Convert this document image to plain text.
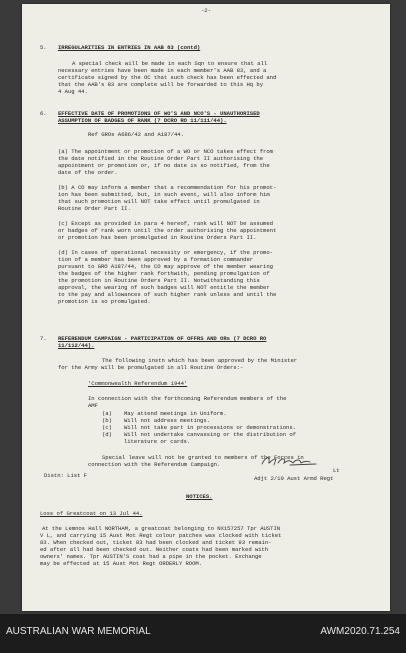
-2-
5. IRREGULARITIES IN ENTRIES IN AAB 83 (contd)
A special check will be made in each Sqn to ensure that all
necessary entries have been made in each member's AAB 83, and a
certificate signed by the OC that such check has been effected and
that the AAB's 83 are complete will be forwarded to this Hq by
4 Aug 44.
6. EFFECTIVE DATE OF PROMOTIONS OF WO'S AND NCO'S - UNAUTHORISED
ASSUMPTION OF BADGES OF RANK (7 DCRO RO 11/111/44).
Ref GROs A686/42 and A187/44.
(a) The appointment or promotion of a WO or NCO takes effect from
the date notified in the Routine Order Part II authorising the
appointment or promotion or, if no date is so notified, from the
date of the order.
(b) A CO may inform a member that a recommendation for his promot-
ion has been submitted, but, in such event, will also inform him
that such promotion will NOT take effect until promulgated in
Routine Order Part II.
(c) Except as provided in para 4 hereof, rank will NOT be assumed
or badges of rank worn until the order authorising the appointment
or promotion has been promulgated in Routine Orders Part II.
(d) In cases of operational necessity or emergency, if the promo-
tion of a member has been approved by a formation commander
pursuant to GRO A187/44, the CO may approve of the member wearing
the badges of the higher rank forthwith, pending promulgation of
the promotion in Routine Orders Part II. Notwithstanding this
approval, the wearing of such badges will NOT entitle the member
to the pay and allowances of such higher rank unless and until the
promotion is so promulgated.
7. REFERENDUM CAMPAIGN - PARTICIPATION OF OFFRS AND ORs (7 DCRO RO
11/112/44).
The following instn which has been approved by the Minister
for the Army will be promulgated in all Routine Orders:-
'Commonwealth Referendum 1944'
In connection with the forthcoming Referendum members of the
AMF
(a) May attend meetings in Uniform.
(b) Will not address meetings.
(c) Will not take part in processions or demonstrations.
(d) Will not undertake canvassing or the distribution of
literature or cards.
Special leave will not be granted to members of the Forces in
connection with the Referendum Campaign.
Distn: List F
Lt
Adjt 2/10 Aust Armd Regt
NOTICES.
Loss of Greatcoat on 13 Jul 44.
At the Lemnos Hall NORTHAM, a greatcoat belonging to NX157257 Tpr AUSTIN
V L, and carrying 15 Aust Mot Regt colour patches was clocked with ticket
83. When checked out, ticket 83 had been clocked and ticket 93 remain-
ed after all had been checked out. Neither coats had been marked with
owners' names. Tpr AUSTIN'S coat had a pipe in the pocket. Exchange
may be effected at 15 Aust Mot Regt ORDERLY ROOM.
AUSTRALIAN WAR MEMORIAL	AWM2020.71.254
